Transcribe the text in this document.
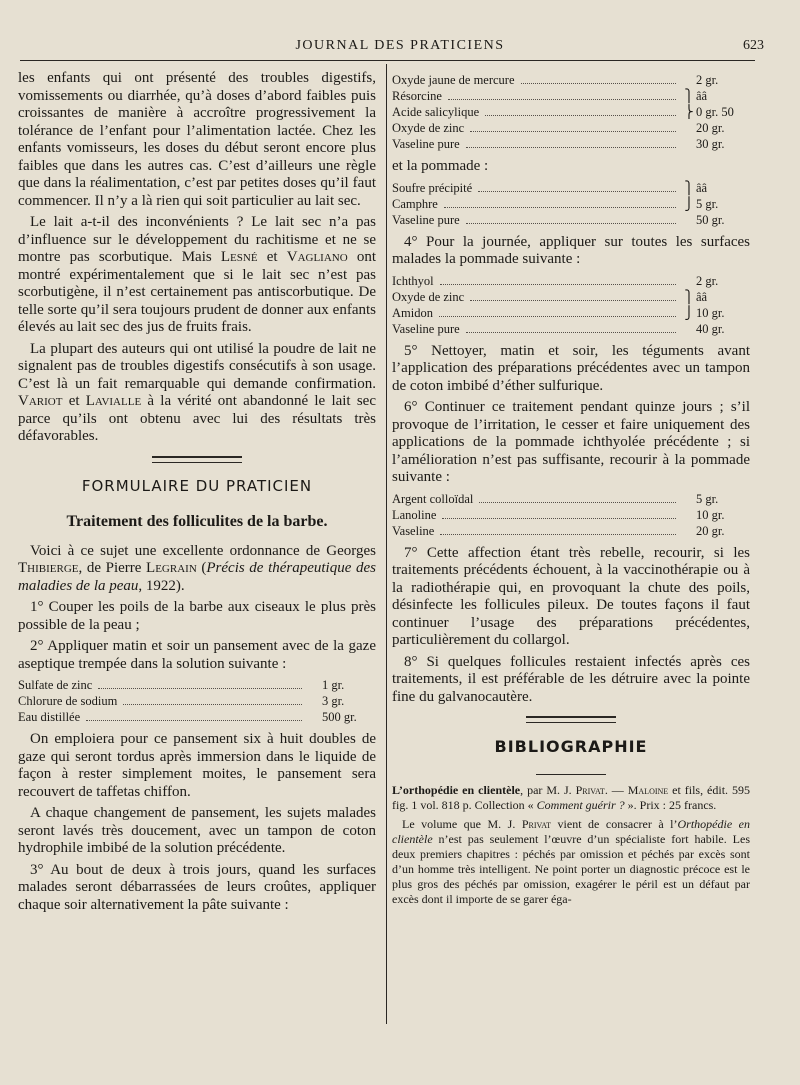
JOURNAL DES PRATICIENS	623

les enfants qui ont présenté des troubles digestifs, vomissements ou diarrhée, qu’à doses d’abord faibles puis croissantes de manière à accroître progressivement la tolérance de l’enfant pour l’alimentation lactée. Chez les enfants vomisseurs, les doses du début seront encore plus faibles que dans les autres cas. C’est d’ailleurs une règle que dans la réalimentation, c’est par petites doses qu’il faut commencer. Il n’y a là rien qui soit particulier au lait sec.

Le lait a-t-il des inconvénients ? Le lait sec n’a pas d’influence sur le développement du rachitisme et ne se montre pas scorbutique. Mais Lesné et Vagliano ont montré expérimentalement que si le lait sec n’est pas scorbutigène, il n’est certainement pas antiscorbutique. De telle sorte qu’il sera toujours prudent de donner aux enfants élevés au lait sec des jus de fruits frais.

La plupart des auteurs qui ont utilisé la poudre de lait ne signalent pas de troubles digestifs consécutifs à son usage. C’est là un fait remarquable qui demande confirmation. Variot et Lavialle à la vérité ont abandonné le lait sec parce qu’ils ont obtenu avec lui des résultats très défavorables.

FORMULAIRE DU PRATICIEN
Traitement des folliculites de la barbe.

Voici à ce sujet une excellente ordonnance de Georges Thibierge, de Pierre Legrain (Précis de thérapeutique des maladies de la peau, 1922).

1° Couper les poils de la barbe aux ciseaux le plus près possible de la peau ;

2° Appliquer matin et soir un pansement avec de la gaze aseptique trempée dans la solution suivante :

Sulfate de zinc	1 gr.
Chlorure de sodium	3 gr.
Eau distillée	500 gr.

On emploiera pour ce pansement six à huit doubles de gaze qui seront tordus après immersion dans le liquide de façon à rester simplement moites, le pansement sera recouvert de taffetas chiffon.

A chaque changement de pansement, les sujets malades seront lavés très doucement, avec un tampon de coton hydrophile imbibé de la solution précédente.

3° Au bout de deux à trois jours, quand les surfaces malades seront débarrassées de leurs croûtes, appliquer chaque soir alternativement la pâte suivante :

Oxyde jaune de mercure	2 gr.
Résorcine	⎫ ââ
Acide salicylique	⎬ 0 gr. 50
Oxyde de zinc	20 gr.
Vaseline pure	30 gr.

et la pommade :

Soufre précipité	⎫ ââ
Camphre	⎭ 5 gr.
Vaseline pure	50 gr.

4° Pour la journée, appliquer sur toutes les surfaces malades la pommade suivante :

Ichthyol	2 gr.
Oxyde de zinc	⎫ ââ
Amidon	⎭ 10 gr.
Vaseline pure	40 gr.

5° Nettoyer, matin et soir, les téguments avant l’application des préparations précédentes avec un tampon de coton imbibé d’éther sulfurique.

6° Continuer ce traitement pendant quinze jours ; s’il provoque de l’irritation, le cesser et faire uniquement des applications de la pommade ichthyolée précédente ; si l’amélioration n’est pas suffisante, recourir à la pommade suivante :

Argent colloïdal	5 gr.
Lanoline	10 gr.
Vaseline	20 gr.

7° Cette affection étant très rebelle, recourir, si les traitements précédents échouent, à la vaccinothérapie ou à la radiothérapie qui, en provoquant la chute des poils, désinfecte les follicules pileux. De toutes façons il faut continuer l’usage des préparations précédentes, particulièrement du collargol.

8° Si quelques follicules restaient infectés après ces traitements, il est préférable de les détruire avec la pointe fine du galvanocautère.

BIBLIOGRAPHIE

L’orthopédie en clientèle, par M. J. Privat. — Maloine et fils, édit. 595 fig. 1 vol. 818 p. Collection « Comment guérir ? ». Prix : 25 francs.

Le volume que M. J. Privat vient de consacrer à l’Orthopédie en clientèle n’est pas seulement l’œuvre d’un spécialiste fort habile. Les deux premiers chapitres : péchés par omission et péchés par excès sont d’un homme très intelligent. Ne point porter un diagnostic précoce est le plus gros des péchés par omission, exagérer le péril est un défaut par excès dont il importe de se garer éga-
